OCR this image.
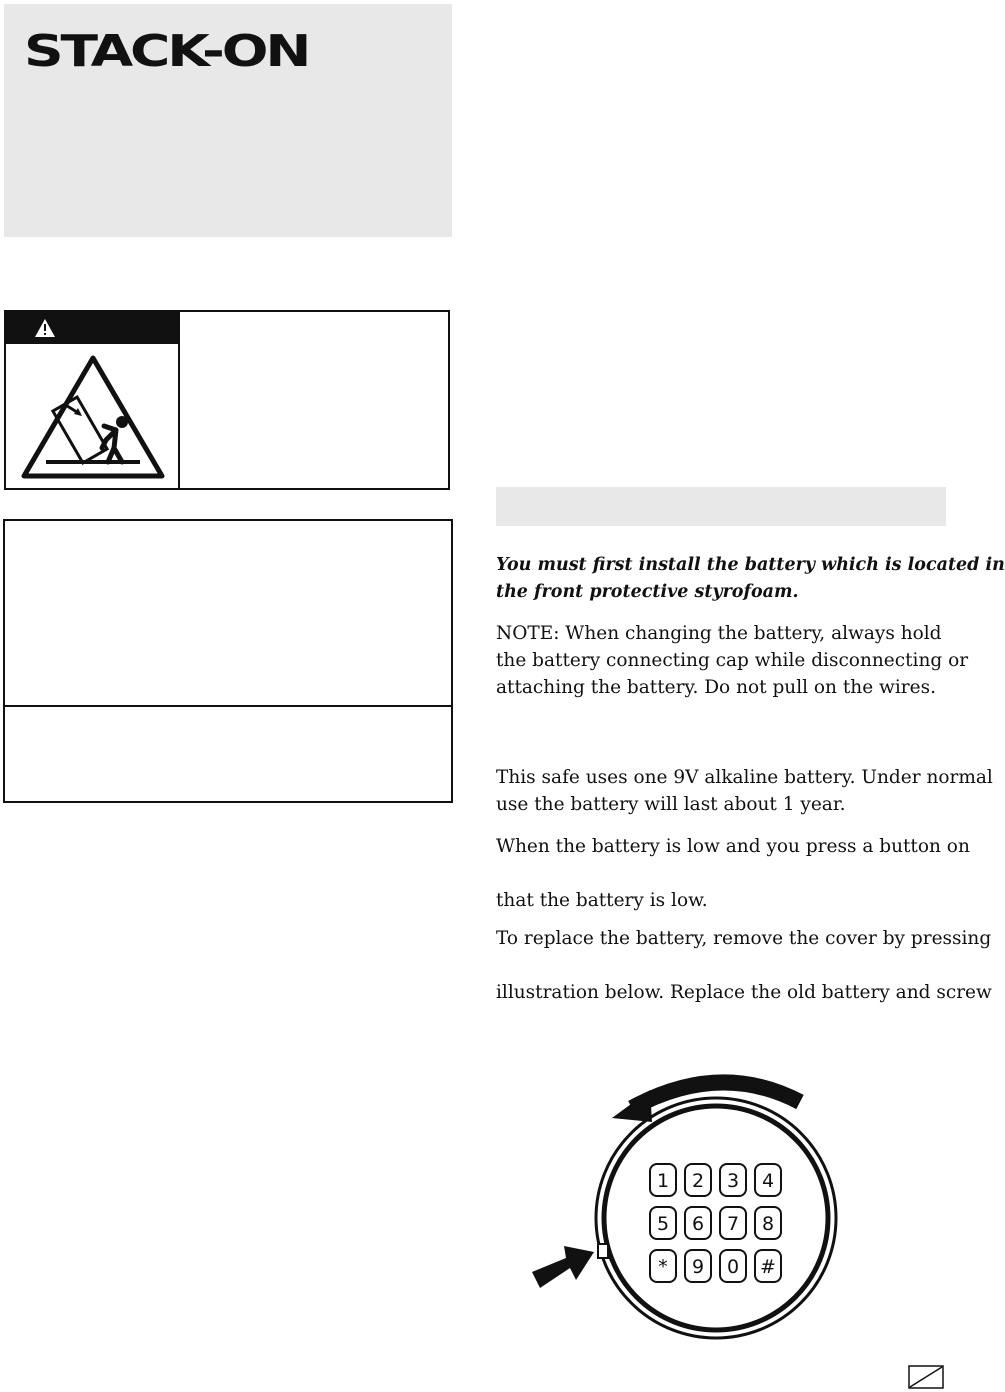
STACK-ON

You must first install the battery which is located in
the front protective styrofoam.

NOTE: When changing the battery, always hold
the battery connecting cap while disconnecting or
attaching the battery. Do not pull on the wires.

This safe uses one 9V alkaline battery. Under normal
use the battery will last about 1 year.

When the battery is low and you press a button on

that the battery is low.

To replace the battery, remove the cover by pressing

illustration below. Replace the old battery and screw

1 2 3 4
5 6 7 8
* 9 0 #
